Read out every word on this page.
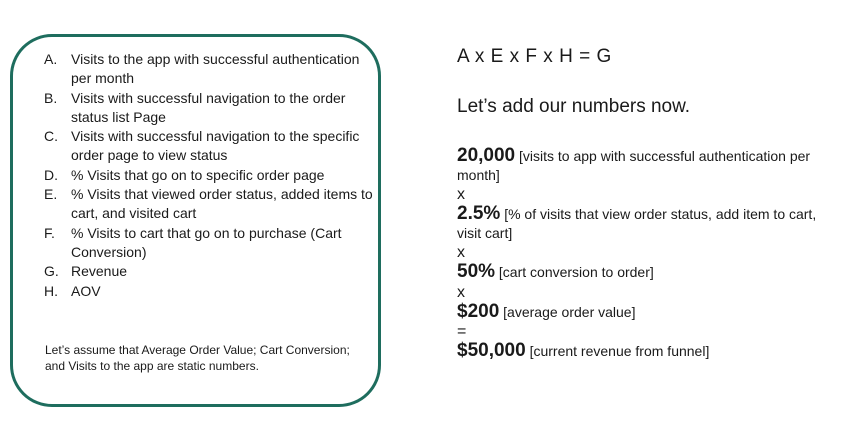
A. Visits to the app with successful authentication per month
B. Visits with successful navigation to the order status list Page
C. Visits with successful navigation to the specific order page to view status
D. % Visits that go on to specific order page
E. % Visits that viewed order status, added items to cart, and visited cart
F. % Visits to cart that go on to purchase (Cart Conversion)
G. Revenue
H. AOV
Let’s assume that Average Order Value; Cart Conversion; and Visits to the app are static numbers.
A x E x F x H = G
Let’s add our numbers now.
20,000 [visits to app with successful authentication per month]
x
2.5% [% of visits that view order status, add item to cart, visit cart]
x
50% [cart conversion to order]
x
$200 [average order value]
=
$50,000 [current revenue from funnel]
